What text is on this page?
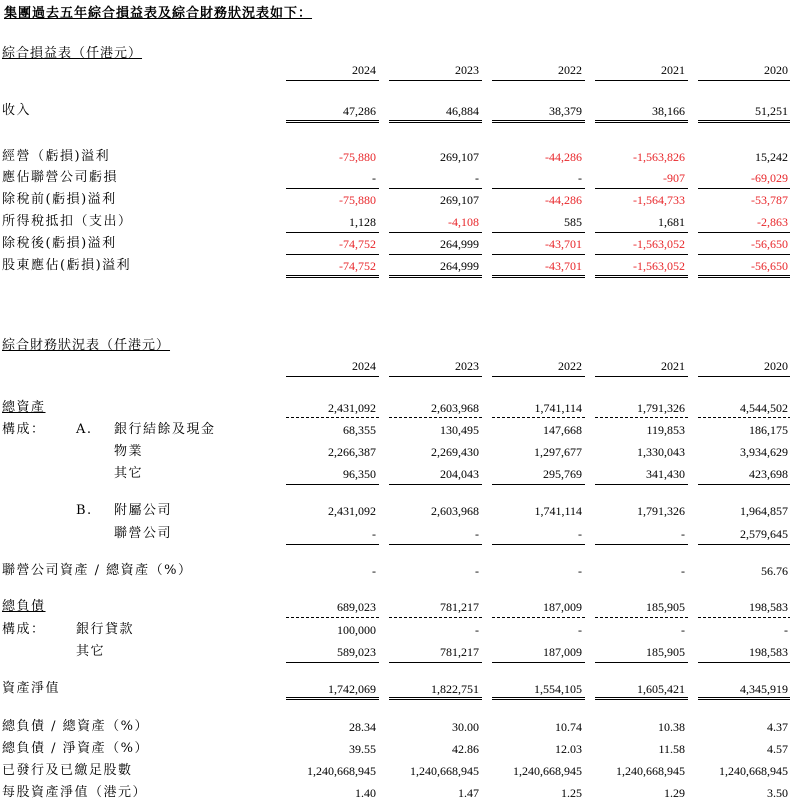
集團過去五年綜合損益表及綜合財務狀況表如下：
綜合損益表（仟港元）
2024	2023	2022	2021	2020
收入	47,286	46,884	38,379	38,166	51,251
經營（虧損)溢利	-75,880	269,107	-44,286	-1,563,826	15,242
應佔聯營公司虧損	-	-	-	-907	-69,029
除稅前(虧損)溢利	-75,880	269,107	-44,286	-1,564,733	-53,787
所得稅抵扣（支出）	1,128	-4,108	585	1,681	-2,863
除稅後(虧損)溢利	-74,752	264,999	-43,701	-1,563,052	-56,650
股東應佔(虧損)溢利	-74,752	264,999	-43,701	-1,563,052	-56,650
綜合財務狀況表（仟港元）
2024	2023	2022	2021	2020
總資產	2,431,092	2,603,968	1,741,114	1,791,326	4,544,502
構成： A. 銀行結餘及現金	68,355	130,495	147,668	119,853	186,175
物業	2,266,387	2,269,430	1,297,677	1,330,043	3,934,629
其它	96,350	204,043	295,769	341,430	423,698
B. 附屬公司	2,431,092	2,603,968	1,741,114	1,791,326	1,964,857
聯營公司	-	-	-	-	2,579,645
聯營公司資產 / 總資產（%）	-	-	-	-	56.76
總負債	689,023	781,217	187,009	185,905	198,583
構成： 銀行貸款	100,000	-	-	-	-
其它	589,023	781,217	187,009	185,905	198,583
資產淨值	1,742,069	1,822,751	1,554,105	1,605,421	4,345,919
總負債 / 總資產（%）	28.34	30.00	10.74	10.38	4.37
總負債 / 淨資產（%）	39.55	42.86	12.03	11.58	4.57
已發行及已繳足股數	1,240,668,945	1,240,668,945	1,240,668,945	1,240,668,945	1,240,668,945
每股資產淨值（港元）	1.40	1.47	1.25	1.29	3.50
